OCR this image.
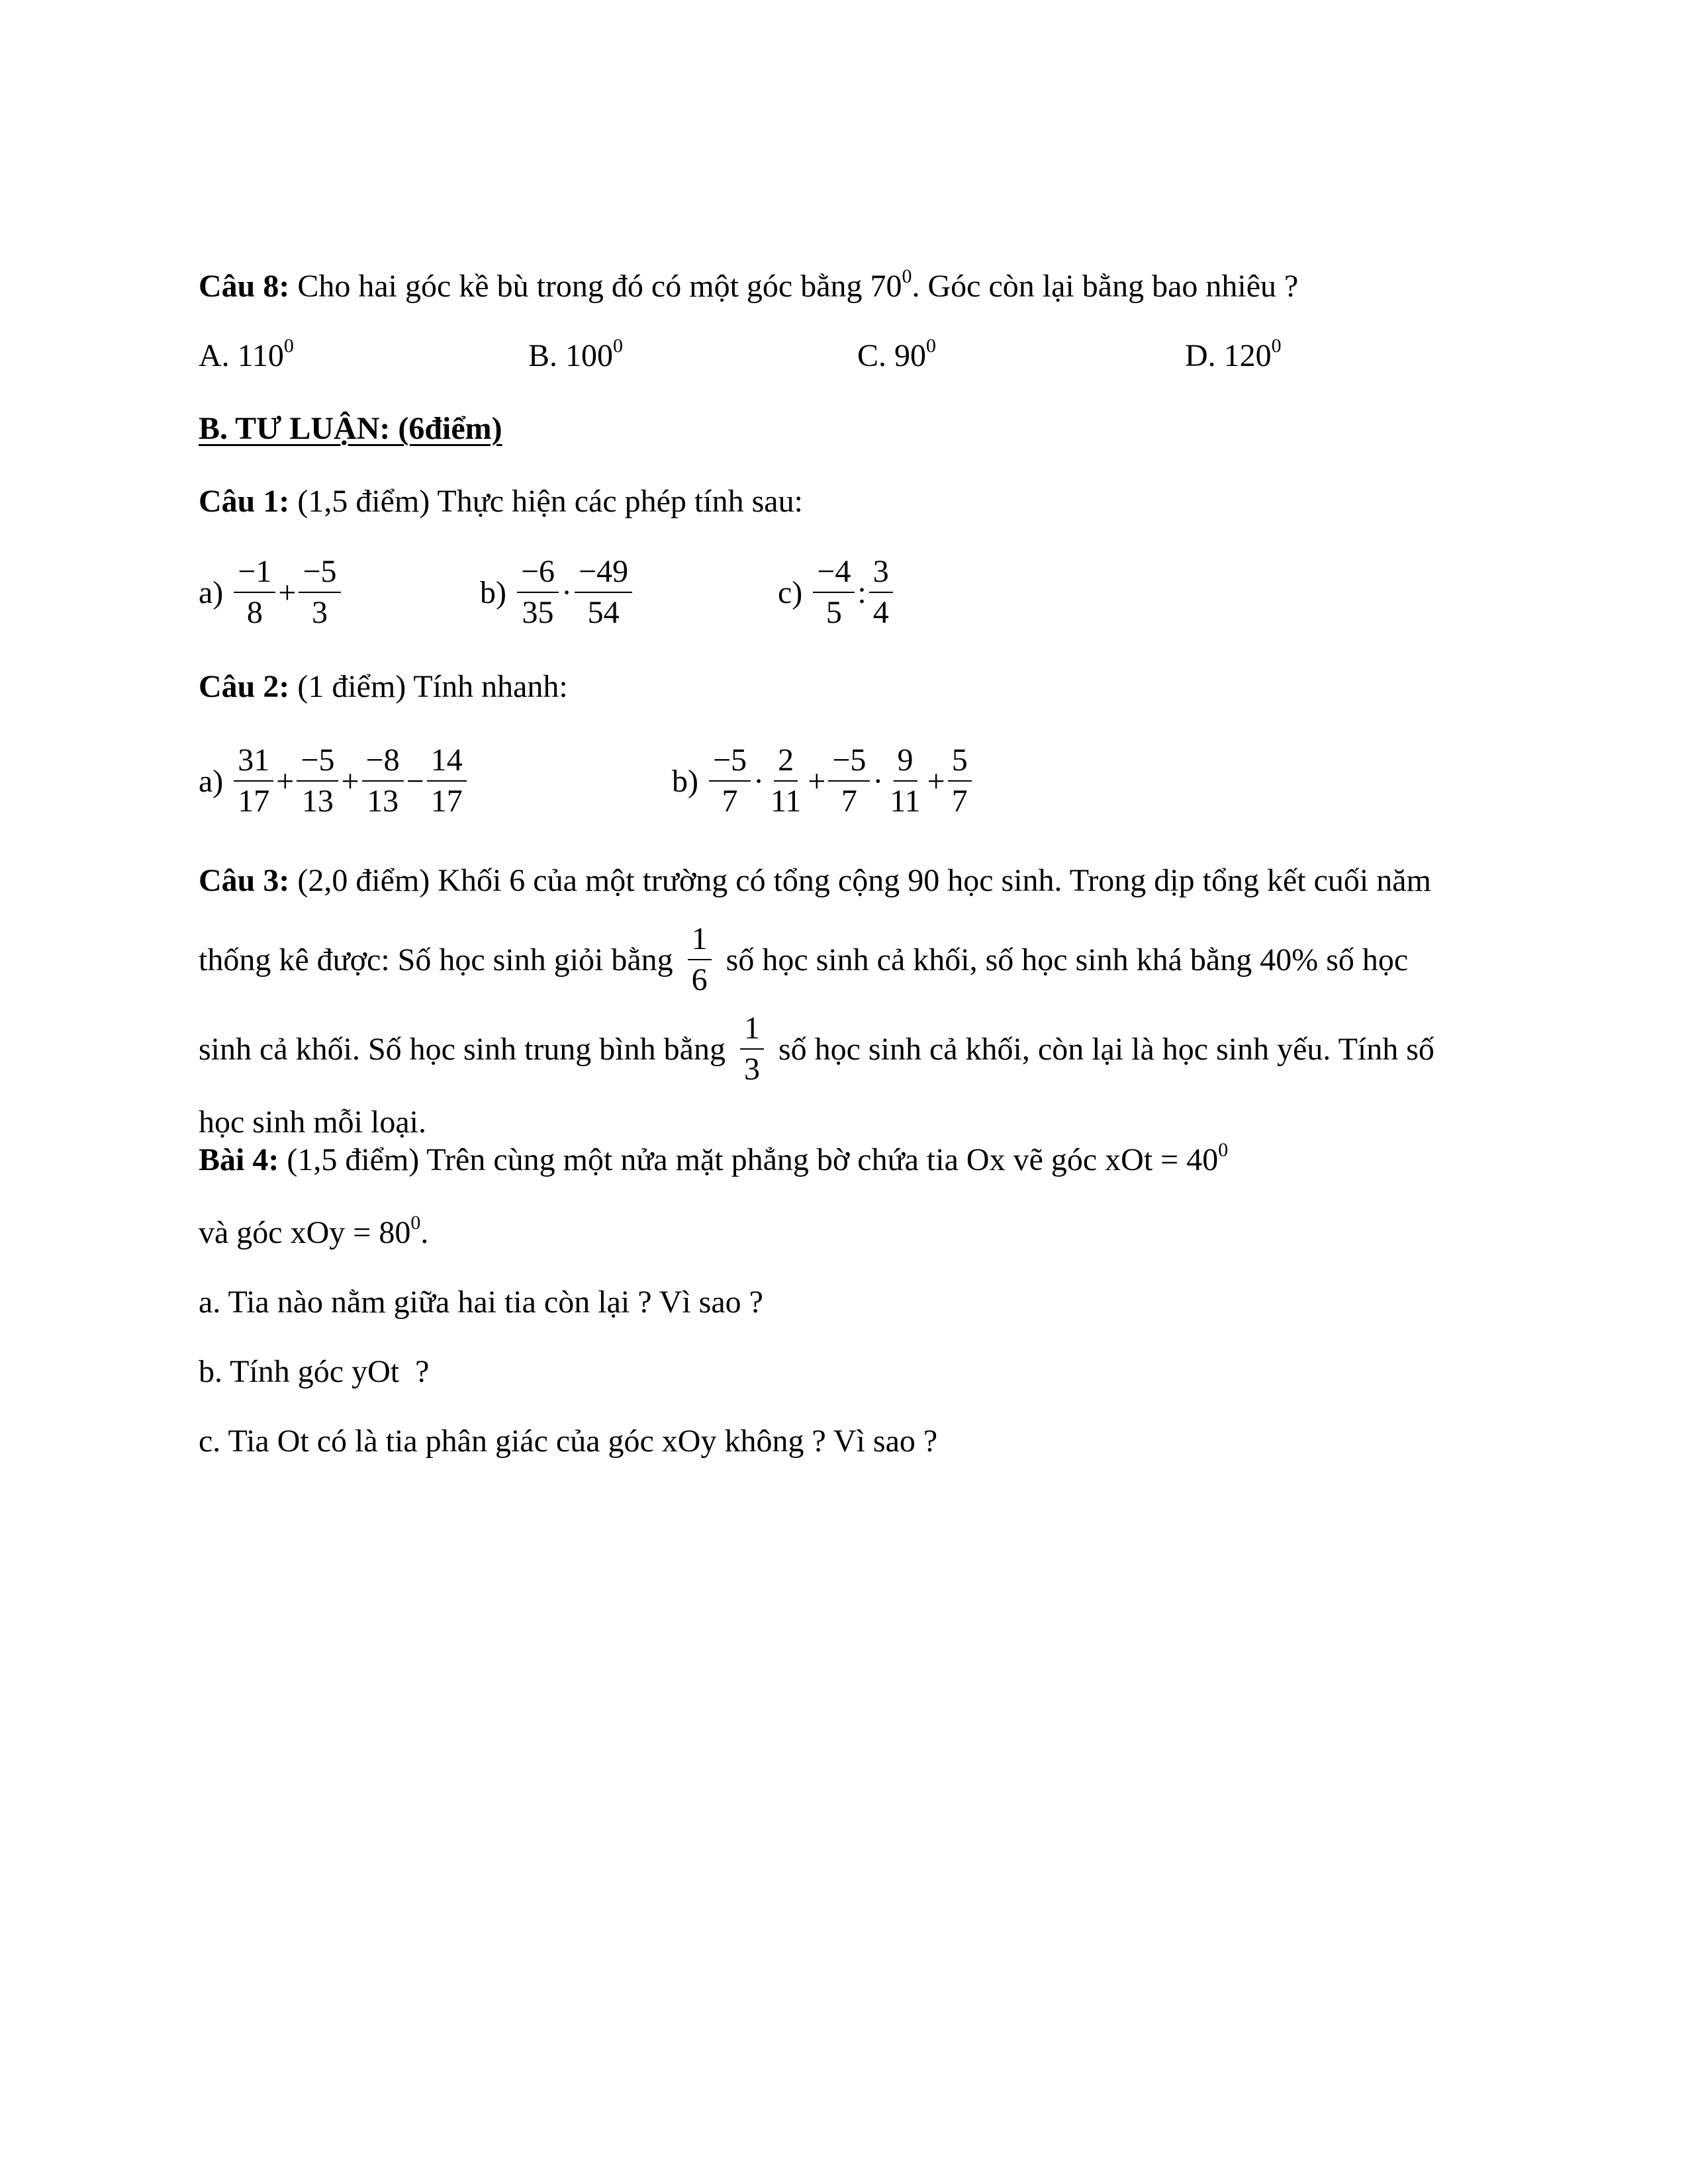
Câu 8: Cho hai góc kề bù trong đó có một góc bằng $70^0$. Góc còn lại bằng bao nhiêu ?
A. $110^0$	B. $100^0$	C. $90^0$	D. $120^0$
B. TƯ LUẬN: (6điểm)
Câu 1: (1,5 điểm) Thực hiện các phép tính sau:
$a) \frac{-1}{8} + \frac{-5}{3}$	$b) \frac{-6}{35} \cdot \frac{-49}{54}$	$c) \frac{-4}{5}$ : $\frac{3}{4}$
Câu 2: (1 điểm) Tính nhanh:
$a) \frac{31}{17} + \frac{-5}{13} + \frac{-8}{13} - \frac{14}{17}$	$b) \frac{-5}{7} \cdot \frac{2}{11} + \frac{-5}{7} \cdot \frac{9}{11} + \frac{5}{7}$
Câu 3: (2,0 điểm) Khối 6 của một trường có tổng cộng 90 học sinh. Trong dịp tổng kết cuối năm
thống kê được: Số học sinh giỏi bằng $\frac{1}{6}$ số học sinh cả khối, số học sinh khá bằng 40% số học
sinh cả khối. Số học sinh trung bình bằng $\frac{1}{3}$ số học sinh cả khối, còn lại là học sinh yếu. Tính số
học sinh mỗi loại.
Bài 4: (1,5 điểm) Trên cùng một nửa mặt phẳng bờ chứa tia Ox vẽ góc xOt = $40^0$
và góc xOy = $80^0$.
a. Tia nào nằm giữa hai tia còn lại ? Vì sao ?
b. Tính góc yOt  ?
c. Tia Ot có là tia phân giác của góc xOy không ? Vì sao ?
